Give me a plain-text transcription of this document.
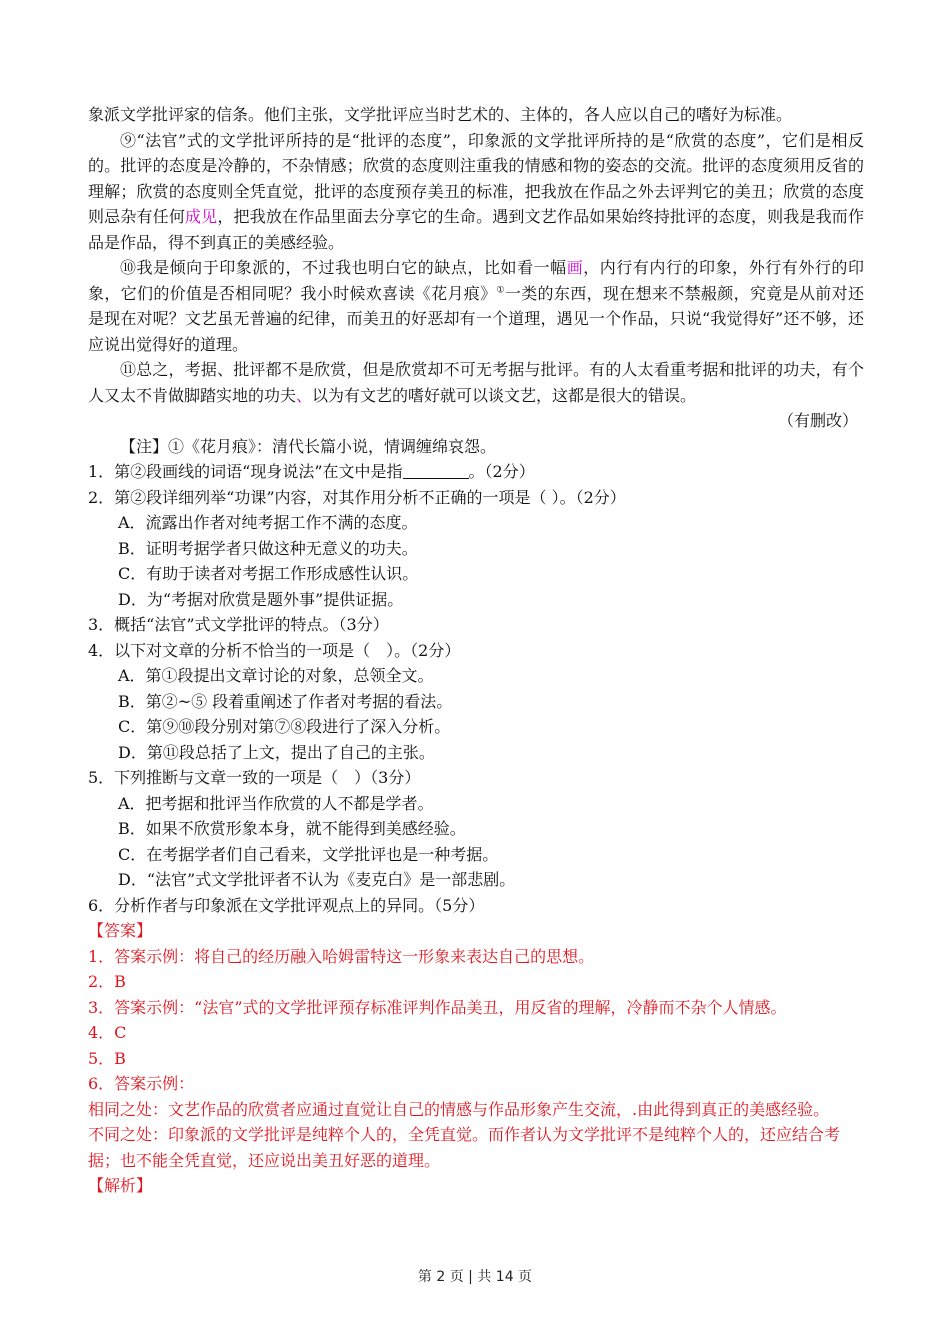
象派文学批评家的信条。他们主张，文学批评应当时艺术的、主体的，各人应以自己的嗜好为标准。

⑨“法官”式的文学批评所持的是“批评的态度”，印象派的文学批评所持的是“欣赏的态度”，它们是相反的。批评的态度是冷静的，不杂情感；欣赏的态度则注重我的情感和物的姿态的交流。批评的态度须用反省的理解；欣赏的态度则全凭直觉，批评的态度预存美丑的标准，把我放在作品之外去评判它的美丑；欣赏的态度则忌杂有任何成见，把我放在作品里面去分享它的生命。遇到文艺作品如果始终持批评的态度，则我是我而作品是作品，得不到真正的美感经验。

⑩我是倾向于印象派的，不过我也明白它的缺点，比如看一幅画，内行有内行的印象，外行有外行的印象，它们的价值是否相同呢？我小时候欢喜读《花月痕》①一类的东西，现在想来不禁赧颜，究竟是从前对还是现在对呢？文艺虽无普遍的纪律，而美丑的好恶却有一个道理，遇见一个作品，只说“我觉得好”还不够，还应说出觉得好的道理。

⑪总之，考据、批评都不是欣赏，但是欣赏却不可无考据与批评。有的人太看重考据和批评的功夫，有个人又太不肯做脚踏实地的功夫、以为有文艺的嗜好就可以谈文艺，这都是很大的错误。

（有删改）

【注】①《花月痕》：清代长篇小说，情调缠绵哀怨。

1．第②段画线的词语“现身说法”在文中是指	。（2分）

2．第②段详细列举“功课”内容，对其作用分析不正确的一项是（ ）。（2分）

A．流露出作者对纯考据工作不满的态度。

B．证明考据学者只做这种无意义的功夫。

C．有助于读者对考据工作形成感性认识。

D．为“考据对欣赏是题外事”提供证据。

3．概括“法官”式文学批评的特点。（3分）

4．以下对文章的分析不恰当的一项是（　）。（2分）

A．第①段提出文章讨论的对象，总领全文。

B．第②~⑤ 段着重阐述了作者对考据的看法。

C．第⑨⑩段分别对第⑦⑧段进行了深入分析。

D．第⑪段总括了上文，提出了自己的主张。

5．下列推断与文章一致的一项是（　）（3分）

A．把考据和批评当作欣赏的人不都是学者。

B．如果不欣赏形象本身，就不能得到美感经验。

C．在考据学者们自己看来，文学批评也是一种考据。

D．“法官”式文学批评者不认为《麦克白》是一部悲剧。

6．分析作者与印象派在文学批评观点上的异同。（5分）

【答案】

1．答案示例：将自己的经历融入哈姆雷特这一形象来表达自己的思想。

2．B

3．答案示例：“法官”式的文学批评预存标准评判作品美丑，用反省的理解，冷静而不杂个人情感。

4．C

5．B

6．答案示例：

相同之处：文艺作品的欣赏者应通过直觉让自己的情感与作品形象产生交流，.由此得到真正的美感经验。

不同之处：印象派的文学批评是纯粹个人的，全凭直觉。而作者认为文学批评不是纯粹个人的，还应结合考据；也不能全凭直觉，还应说出美丑好恶的道理。

【解析】

第 2 页 | 共 14 页
